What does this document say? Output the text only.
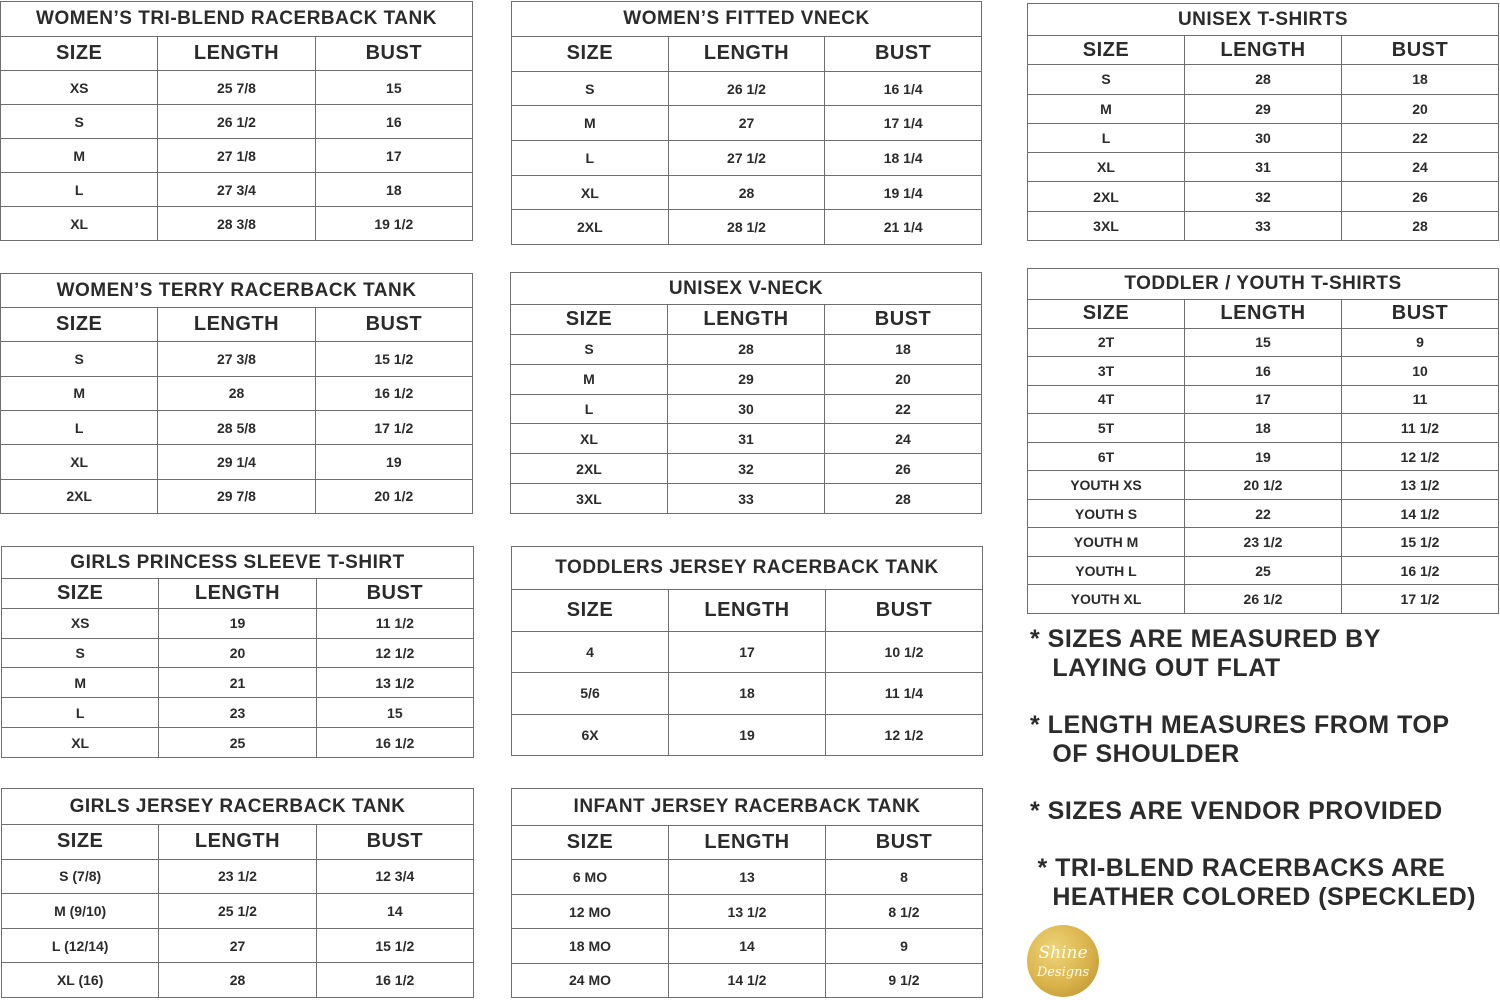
WOMEN’S TRI-BLEND RACERBACK TANK
SIZE	LENGTH	BUST
XS	25 7/8	15
S	26 1/2	16
M	27 1/8	17
L	27 3/4	18
XL	28 3/8	19 1/2
WOMEN’S FITTED VNECK
SIZE	LENGTH	BUST
S	26 1/2	16 1/4
M	27	17 1/4
L	27 1/2	18 1/4
XL	28	19 1/4
2XL	28 1/2	21 1/4
UNISEX T-SHIRTS
SIZE	LENGTH	BUST
S	28	18
M	29	20
L	30	22
XL	31	24
2XL	32	26
3XL	33	28
WOMEN’S TERRY RACERBACK TANK
SIZE	LENGTH	BUST
S	27 3/8	15 1/2
M	28	16 1/2
L	28 5/8	17 1/2
XL	29 1/4	19
2XL	29 7/8	20 1/2
UNISEX V-NECK
SIZE	LENGTH	BUST
S	28	18
M	29	20
L	30	22
XL	31	24
2XL	32	26
3XL	33	28
TODDLER / YOUTH T-SHIRTS
SIZE	LENGTH	BUST
2T	15	9
3T	16	10
4T	17	11
5T	18	11 1/2
6T	19	12 1/2
YOUTH XS	20 1/2	13 1/2
YOUTH S	22	14 1/2
YOUTH M	23 1/2	15 1/2
YOUTH L	25	16 1/2
YOUTH XL	26 1/2	17 1/2
GIRLS PRINCESS SLEEVE T-SHIRT
SIZE	LENGTH	BUST
XS	19	11 1/2
S	20	12 1/2
M	21	13 1/2
L	23	15
XL	25	16 1/2
TODDLERS JERSEY RACERBACK TANK
SIZE	LENGTH	BUST
4	17	10 1/2
5/6	18	11 1/4
6X	19	12 1/2
GIRLS JERSEY RACERBACK TANK
SIZE	LENGTH	BUST
S (7/8)	23 1/2	12 3/4
M (9/10)	25 1/2	14
L (12/14)	27	15 1/2
XL (16)	28	16 1/2
INFANT JERSEY RACERBACK TANK
SIZE	LENGTH	BUST
6 MO	13	8
12 MO	13 1/2	8 1/2
18 MO	14	9
24 MO	14 1/2	9 1/2
* SIZES ARE MEASURED BY
LAYING OUT FLAT
* LENGTH MEASURES FROM TOP
OF SHOULDER
* SIZES ARE VENDOR PROVIDED
* TRI-BLEND RACERBACKS ARE
HEATHER COLORED (SPECKLED)
Shine
Designs
